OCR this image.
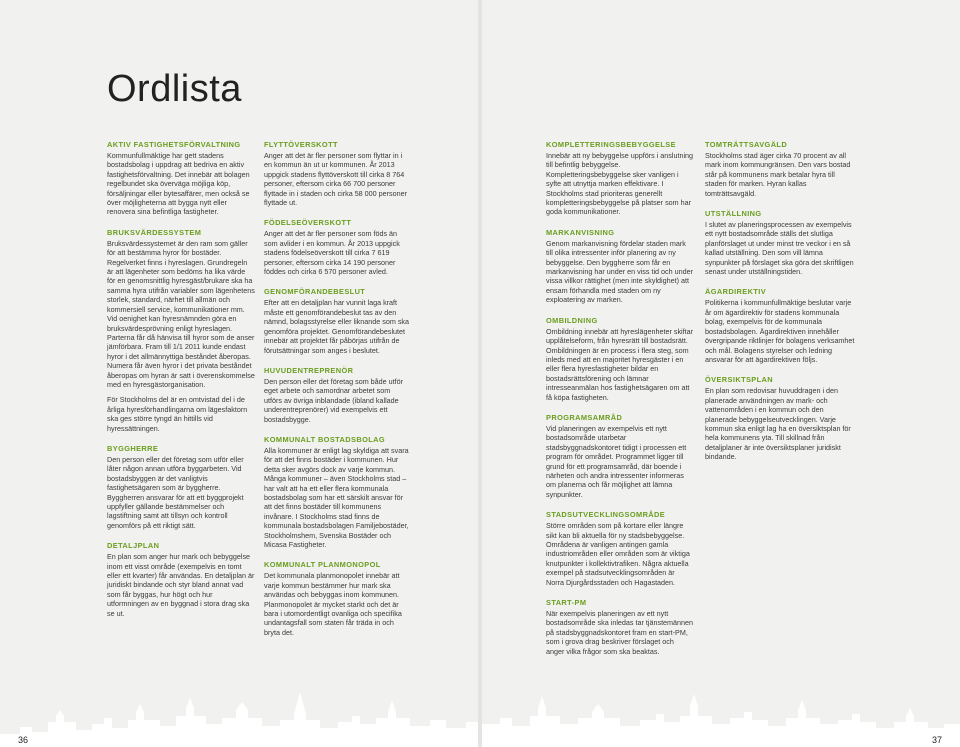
Ordlista
AKTIV FASTIGHETSFÖRVALTNING

Kommunfullmäktige har gett stadens bostadsbolag i uppdrag att bedriva en aktiv fastighetsförvaltning. Det innebär att bolagen regelbundet ska överväga möjliga köp, försäljningar eller bytesaffärer, men också se över möjligheterna att bygga nytt eller renovera sina befintliga fastigheter.

BRUKSVÄRDESSYSTEM

Bruksvärdessystemet är den ram som gäller för att bestämma hyror för bostäder. Regelverket finns i hyreslagen. Grundregeln är att lägenheter som bedöms ha lika värde för en genomsnittlig hyresgäst/brukare ska ha samma hyra utifrån variabler som lägenhetens storlek, standard, närhet till allmän och kommersiell service, kommunikationer mm. Vid oenighet kan hyresnämnden göra en bruksvärdesprövning enligt hyreslagen. Parterna får då hänvisa till hyror som de anser jämförbara. Fram till 1/1 2011 kunde endast hyror i det allmännyttiga beståndet åberopas. Numera får även hyror i det privata beståndet åberopas om hyran är satt i överenskommelse med en hyresgästorganisation.

För Stockholms del är en omtvistad del i de årliga hyresförhandlingarna om lägesfaktorn ska ges större tyngd än hittills vid hyressättningen.

BYGGHERRE

Den person eller det företag som utför eller låter någon annan utföra byggarbeten. Vid bostadsbyggen är det vanligtvis fastighetsägaren som är byggherre. Byggherren ansvarar för att ett byggprojekt uppfyller gällande bestämmelser och lagstiftning samt att tillsyn och kontroll genomförs på ett riktigt sätt.

DETALJPLAN

En plan som anger hur mark och bebyggelse inom ett visst område (exempelvis en tomt eller ett kvarter) får användas. En detaljplan är juridiskt bindande och styr bland annat vad som får byggas, hur högt och hur utformningen av en byggnad i stora drag ska se ut.

FLYTTÖVERSKOTT

Anger att det är fler personer som flyttar in i en kommun än ut ur kommunen. År 2013 uppgick stadens flyttöverskott till cirka 8 764 personer, eftersom cirka 66 700 personer flyttade in i staden och cirka 58 000 personer flyttade ut.

FÖDELSEÖVERSKOTT

Anger att det är fler personer som föds än som avlider i en kommun. År 2013 uppgick stadens födelseöverskott till cirka 7 619 personer, eftersom cirka 14 190 personer föddes och cirka 6 570 personer avled.

GENOMFÖRANDEBESLUT

Efter att en detaljplan har vunnit laga kraft måste ett genomförandebeslut tas av den nämnd, bolagsstyrelse eller liknande som ska genomföra projektet. Genomförandebeslutet innebär att projektet får påbörjas utifrån de förutsättningar som anges i beslutet.

HUVUDENTREPRENÖR

Den person eller det företag som både utför eget arbete och samordnar arbetet som utförs av övriga inblandade (ibland kallade underentreprenörer) vid exempelvis ett bostadsbygge.

KOMMUNALT BOSTADSBOLAG

Alla kommuner är enligt lag skyldiga att svara för att det finns bostäder i kommunen. Hur detta sker avgörs dock av varje kommun. Många kommuner – även Stockholms stad – har valt att ha ett eller flera kommunala bostadsbolag som har ett särskilt ansvar för att det finns bostäder till kommunens invånare. I Stockholms stad finns de kommunala bostadsbolagen Familjebostäder, Stockholmshem, Svenska Bostäder och Micasa Fastigheter.

KOMMUNALT PLANMONOPOL

Det kommunala planmonopolet innebär att varje kommun bestämmer hur mark ska användas och bebyggas inom kommunen. Planmonopolet är mycket starkt och det är bara i utomordentligt ovanliga och specifika undantagsfall som staten får träda in och bryta det.

KOMPLETTERINGSBEBYGGELSE

Innebär att ny bebyggelse uppförs i anslutning till befintlig bebyggelse. Kompletteringsbebyggelse sker vanligen i syfte att utnyttja marken effektivare. I Stockholms stad prioriteras generellt kompletteringsbebyggelse på platser som har goda kommunikationer.

MARKANVISNING

Genom markanvisning fördelar staden mark till olika intressenter inför planering av ny bebyggelse. Den byggherre som får en markanvisning har under en viss tid och under vissa villkor rättighet (men inte skyldighet) att ensam förhandla med staden om ny exploatering av marken.

OMBILDNING

Ombildning innebär att hyreslägenheter skiftar upplåtelseform, från hyresrätt till bostadsrätt. Ombildningen är en process i flera steg, som inleds med att en majoritet hyresgäster i en eller flera hyresfastigheter bildar en bostadsrättsförening och lämnar intresseanmälan hos fastighetsägaren om att få köpa fastigheten.

PROGRAMSAMRÅD

Vid planeringen av exempelvis ett nytt bostadsområde utarbetar stadsbyggnadskontoret tidigt i processen ett program för området. Programmet ligger till grund för ett programsamråd, där boende i närheten och andra intressenter informeras om planerna och får möjlighet att lämna synpunkter.

STADSUTVECKLINGSOMRÅDE

Större områden som på kortare eller längre sikt kan bli aktuella för ny stadsbebyggelse. Områdena är vanligen antingen gamla industriområden eller områden som är viktiga knutpunkter i kollektivtrafiken. Några aktuella exempel på stadsutvecklingsområden är Norra Djurgårdsstaden och Hagastaden.

START-PM

När exempelvis planeringen av ett nytt bostadsområde ska inledas tar tjänstemännen på stadsbyggnadskontoret fram en start-PM, som i grova drag beskriver förslaget och anger vilka frågor som ska beaktas.

TOMTRÄTTSAVGÄLD

Stockholms stad äger cirka 70 procent av all mark inom kommungränsen. Den vars bostad står på kommunens mark betalar hyra till staden för marken. Hyran kallas tomträttsavgäld.

UTSTÄLLNING

I slutet av planeringsprocessen av exempelvis ett nytt bostadsområde ställs det slutliga planförslaget ut under minst tre veckor i en så kallad utställning. Den som vill lämna synpunkter på förslaget ska göra det skriftligen senast under utställningstiden.

ÄGARDIREKTIV

Politikerna i kommunfullmäktige beslutar varje år om ägardirektiv för stadens kommunala bolag, exempelvis för de kommunala bostadsbolagen. Ägardirektiven innehåller övergripande riktlinjer för bolagens verksamhet och mål. Bolagens styrelser och ledning ansvarar för att ägardirektiven följs.

ÖVERSIKTSPLAN

En plan som redovisar huvuddragen i den planerade användningen av mark- och vattenområden i en kommun och den planerade bebyggelseutvecklingen. Varje kommun ska enligt lag ha en översiktsplan för hela kommunens yta. Till skillnad från detaljplaner är inte översiktsplaner juridiskt bindande.

36	37
